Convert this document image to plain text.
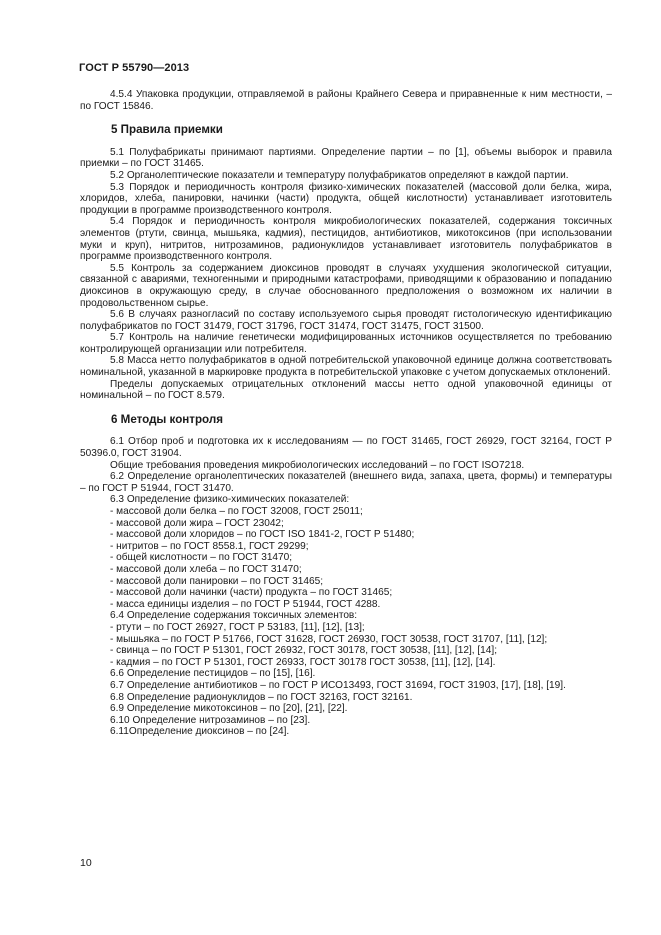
ГОСТ Р 55790—2013

4.5.4 Упаковка продукции, отправляемой в районы Крайнего Севера и приравненные к ним местности, – по ГОСТ 15846.

5 Правила приемки

5.1 Полуфабрикаты принимают партиями. Определение партии – по [1], объемы выборок и правила приемки – по ГОСТ 31465.

5.2 Органолептические показатели и температуру полуфабрикатов определяют в каждой партии.

5.3 Порядок и периодичность контроля физико-химических показателей (массовой доли белка, жира, хлоридов, хлеба, панировки, начинки (части) продукта, общей кислотности) устанавливает изготовитель продукции в программе производственного контроля.

5.4 Порядок и периодичность контроля микробиологических показателей, содержания токсичных элементов (ртути, свинца, мышьяка, кадмия), пестицидов, антибиотиков, микотоксинов (при использовании муки и круп), нитритов, нитрозаминов, радионуклидов устанавливает изготовитель полуфабрикатов в программе производственного контроля.

5.5 Контроль за содержанием диоксинов проводят в случаях ухудшения экологической ситуации, связанной с авариями, техногенными и природными катастрофами, приводящими к образованию и попаданию диоксинов в окружающую среду, в случае обоснованного предположения о возможном их наличии в продовольственном сырье.

5.6 В случаях разногласий по составу используемого сырья проводят гистологическую идентификацию полуфабрикатов по ГОСТ 31479, ГОСТ 31796, ГОСТ 31474, ГОСТ 31475, ГОСТ 31500.

5.7 Контроль на наличие генетически модифицированных источников осуществляется по требованию контролирующей организации или потребителя.

5.8 Масса нетто полуфабрикатов в одной потребительской упаковочной единице должна соответствовать номинальной, указанной в маркировке продукта в потребительской упаковке с учетом допускаемых отклонений.

Пределы допускаемых отрицательных отклонений массы нетто одной упаковочной единицы от номинальной – по ГОСТ 8.579.

6 Методы контроля

6.1 Отбор проб и подготовка их к исследованиям — по ГОСТ 31465, ГОСТ 26929, ГОСТ 32164, ГОСТ Р 50396.0, ГОСТ 31904.

Общие требования проведения микробиологических исследований – по ГОСТ ISO7218.

6.2 Определение органолептических показателей (внешнего вида, запаха, цвета, формы) и температуры – по ГОСТ Р 51944, ГОСТ 31470.

6.3 Определение физико-химических показателей:

- массовой доли белка – по ГОСТ 32008, ГОСТ 25011;

- массовой доли жира – ГОСТ 23042;

- массовой доли хлоридов – по ГОСТ ISO 1841-2, ГОСТ Р 51480;

- нитритов – по ГОСТ 8558.1, ГОСТ 29299;

- общей кислотности – по ГОСТ 31470;

- массовой доли хлеба – по ГОСТ 31470;

- массовой доли панировки – по ГОСТ 31465;

- массовой доли начинки (части) продукта – по ГОСТ 31465;

- масса единицы изделия – по ГОСТ Р 51944, ГОСТ 4288.

6.4 Определение содержания токсичных элементов:

- ртути – по ГОСТ 26927, ГОСТ Р 53183, [11], [12], [13];

- мышьяка – по ГОСТ Р 51766, ГОСТ 31628, ГОСТ 26930, ГОСТ 30538, ГОСТ 31707, [11], [12];

- свинца – по ГОСТ Р 51301, ГОСТ 26932, ГОСТ 30178, ГОСТ 30538, [11], [12], [14];

- кадмия – по ГОСТ Р 51301, ГОСТ 26933, ГОСТ 30178 ГОСТ 30538, [11], [12], [14].

6.6 Определение пестицидов – по [15], [16].

6.7 Определение антибиотиков – по ГОСТ Р ИСО13493, ГОСТ 31694, ГОСТ 31903, [17], [18], [19].

6.8 Определение радионуклидов – по ГОСТ 32163, ГОСТ 32161.

6.9 Определение микотоксинов – по [20], [21], [22].

6.10 Определение нитрозаминов – по [23].

6.11Определение диоксинов – по [24].

10
